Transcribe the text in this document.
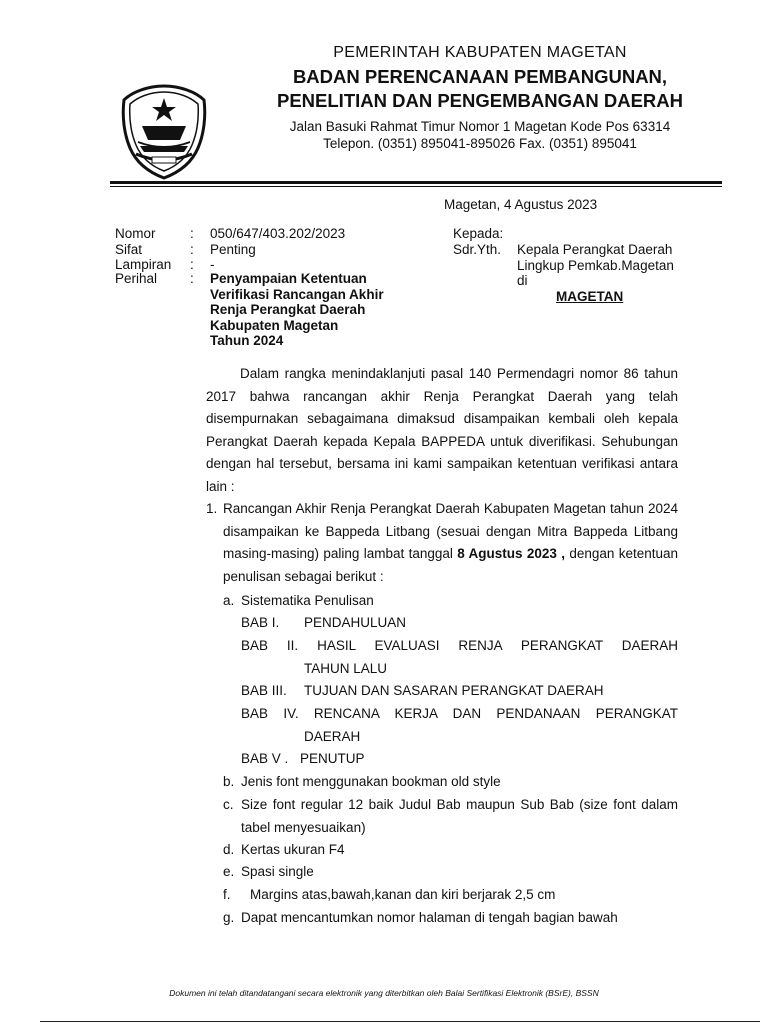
PEMERINTAH KABUPATEN MAGETAN
BADAN PERENCANAAN PEMBANGUNAN,
PENELITIAN DAN PENGEMBANGAN DAERAH
Jalan Basuki Rahmat Timur Nomor 1 Magetan Kode Pos 63314
Telepon. (0351) 895041-895026 Fax. (0351) 895041
Magetan, 4 Agustus 2023
Nomor	: 050/647/403.202/2023
Sifat	: Penting
Lampiran : -
Perihal : Penyampaian Ketentuan
Verifikasi Rancangan Akhir
Renja Perangkat Daerah
Kabupaten Magetan
Tahun 2024
Kepada:
Sdr.Yth. Kepala Perangkat Daerah
Lingkup Pemkab.Magetan
di
MAGETAN
Dalam rangka menindaklanjuti pasal 140 Permendagri nomor 86 tahun 2017 bahwa rancangan akhir Renja Perangkat Daerah yang telah disempurnakan sebagaimana dimaksud disampaikan kembali oleh kepala Perangkat Daerah kepada Kepala BAPPEDA untuk diverifikasi. Sehubungan dengan hal tersebut, bersama ini kami sampaikan ketentuan verifikasi antara lain :
1. Rancangan Akhir Renja Perangkat Daerah Kabupaten Magetan tahun 2024 disampaikan ke Bappeda Litbang (sesuai dengan Mitra Bappeda Litbang masing-masing) paling lambat tanggal 8 Agustus 2023 , dengan ketentuan penulisan sebagai berikut :
a. Sistematika Penulisan
BAB I. PENDAHULUAN
BAB II. HASIL EVALUASI RENJA PERANGKAT DAERAH
TAHUN LALU
BAB III. TUJUAN DAN SASARAN PERANGKAT DAERAH
BAB IV. RENCANA KERJA DAN PENDANAAN PERANGKAT
DAERAH
BAB V . PENUTUP
b. Jenis font menggunakan bookman old style
c. Size font regular 12 baik Judul Bab maupun Sub Bab (size font dalam tabel menyesuaikan)
d. Kertas ukuran F4
e. Spasi single
f. Margins atas,bawah,kanan dan kiri berjarak 2,5 cm
g. Dapat mencantumkan nomor halaman di tengah bagian bawah
Dokumen ini telah ditandatangani secara elektronik yang diterbitkan oleh Balai Sertifikasi Elektronik (BSrE), BSSN
